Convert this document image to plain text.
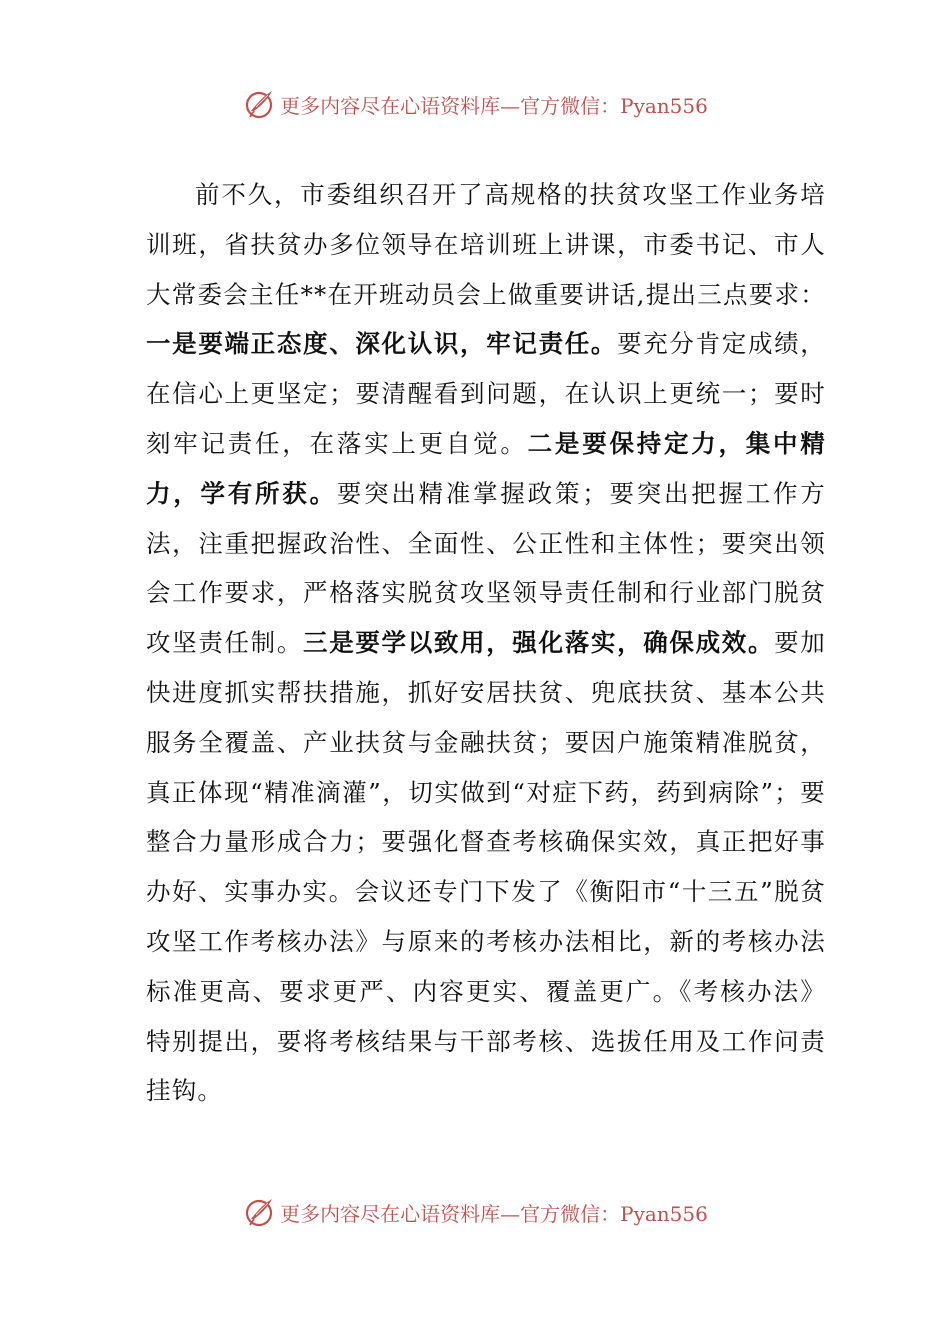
更多内容尽在心语资料库—官方微信：Pyan556

前不久，市委组织召开了高规格的扶贫攻坚工作业务培训班，省扶贫办多位领导在培训班上讲课，市委书记、市人大常委会主任**在开班动员会上做重要讲话,提出三点要求：一是要端正态度、深化认识，牢记责任。要充分肯定成绩，在信心上更坚定；要清醒看到问题，在认识上更统一；要时刻牢记责任，在落实上更自觉。二是要保持定力，集中精力，学有所获。要突出精准掌握政策；要突出把握工作方法，注重把握政治性、全面性、公正性和主体性；要突出领会工作要求，严格落实脱贫攻坚领导责任制和行业部门脱贫攻坚责任制。三是要学以致用，强化落实，确保成效。要加快进度抓实帮扶措施，抓好安居扶贫、兜底扶贫、基本公共服务全覆盖、产业扶贫与金融扶贫；要因户施策精准脱贫，真正体现“精准滴灌”，切实做到“对症下药，药到病除”；要整合力量形成合力；要强化督查考核确保实效，真正把好事办好、实事办实。会议还专门下发了《衡阳市“十三五”脱贫攻坚工作考核办法》与原来的考核办法相比，新的考核办法标准更高、要求更严、内容更实、覆盖更广。《考核办法》特别提出，要将考核结果与干部考核、选拔任用及工作问责挂钩。

更多内容尽在心语资料库—官方微信：Pyan556
